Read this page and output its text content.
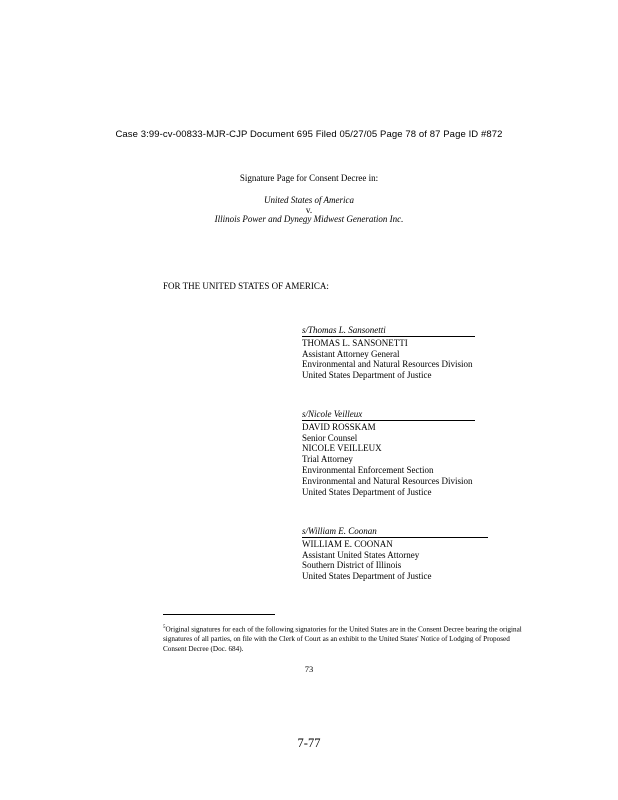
Case 3:99-cv-00833-MJR-CJP Document 695 Filed 05/27/05 Page 78 of 87 Page ID #872
Signature Page for Consent Decree in:
United States of America
v.
Illinois Power and Dynegy Midwest Generation Inc.
FOR THE UNITED STATES OF AMERICA:
s/Thomas L. Sansonetti
THOMAS L. SANSONETTI
Assistant Attorney General
Environmental and Natural Resources Division
United States Department of Justice
s/Nicole Veilleux
DAVID ROSSKAM
Senior Counsel
NICOLE VEILLEUX
Trial Attorney
Environmental Enforcement Section
Environmental and Natural Resources Division
United States Department of Justice
s/William E. Coonan
WILLIAM E. COONAN
Assistant United States Attorney
Southern District of Illinois
United States Department of Justice
$^5$Original signatures for each of the following signatories for the United States are in the Consent Decree bearing the original signatures of all parties, on file with the Clerk of Court as an exhibit to the United States' Notice of Lodging of Proposed Consent Decree (Doc. 684).
73
7-77
